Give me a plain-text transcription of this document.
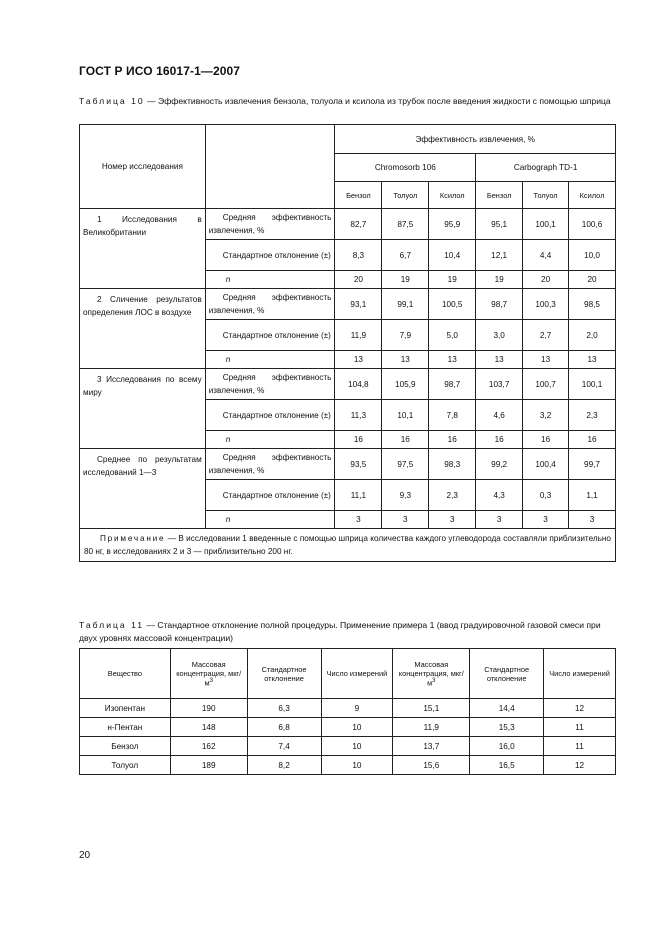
ГОСТ Р ИСО 16017-1—2007
Таблица 10 — Эффективность извлечения бензола, толуола и ксилола из трубок после введения жидкости с помощью шприца
Номер исследования		Эффективность извлечения, %					
		Chromosorb 106			Carbograph TD-1		
		Бензол	Толуол	Ксилол	Бензол	Толуол	Ксилол
1 Исследования в Великобритании	Средняя эффективность извлечения, %	82,7	87,5	95,9	95,1	100,1	100,6
	Стандартное отклонение (±)	8,3	6,7	10,4	12,1	4,4	10,0
	n	20	19	19	19	20	20
2 Сличение результатов определения ЛОС в воздухе	Средняя эффективность извлечения, %	93,1	99,1	100,5	98,7	100,3	98,5
	Стандартное отклонение (±)	11,9	7,9	5,0	3,0	2,7	2,0
	n	13	13	13	13	13	13
3 Исследования по всему миру	Средняя эффективность извлечения, %	104,8	105,9	98,7	103,7	100,7	100,1
	Стандартное отклонение (±)	11,3	10,1	7,8	4,6	3,2	2,3
	n	16	16	16	16	16	16
Среднее по результатам исследований 1—3	Средняя эффективность извлечения, %	93,5	97,5	98,3	99,2	100,4	99,7
	Стандартное отклонение (±)	11,1	9,3	2,3	4,3	0,3	1,1
	n	3	3	3	3	3	3
Примечание — В исследовании 1 введенные с помощью шприца количества каждого углеводорода составляли приблизительно 80 нг, в исследованиях 2 и 3 — приблизительно 200 нг.							
Таблица 11 — Стандартное отклонение полной процедуры. Применение примера 1 (ввод градуировочной газовой смеси при двух уровнях массовой концентрации)
Вещество	Массовая концентрация, мкг/$м^3$	Стандартное отклонение	Число измерений	Массовая концентрация, мкг/$м^3$	Стандартное отклонение	Число измерений
Изопентан	190	6,3	9	15,1	14,4	12
н-Пентан	148	6,8	10	11,9	15,3	11
Бензол	162	7,4	10	13,7	16,0	11
Толуол	189	8,2	10	15,6	16,5	12
20
